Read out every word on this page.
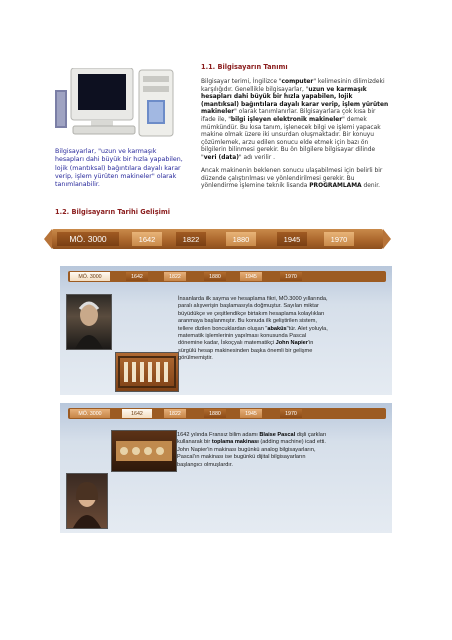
Bilgisayarlar, "uzun ve karmaşık hesapları dahi büyük bir hızla yapabilen, lojik (mantıksal) bağıntılara dayalı karar verip, işlem yürüten makineler" olarak tanımlanabilir.
1.1. Bilgisayarın Tanımı
Bilgisayar terimi, İngilizce "computer" kelimesinin dilimizdeki karşılığıdır. Genellikle bilgisayarlar, "uzun ve karmaşık hesapları dahi büyük bir hızla yapabilen, lojik (mantıksal) bağıntılara dayalı karar verip, işlem yürüten makineler" olarak tanımlanırlar. Bilgisayarlara çok kısa bir ifade ile, "bilgi işleyen elektronik makineler" demek mümkündür. Bu kısa tanım, işlenecek bilgi ve işlemi yapacak makine olmak üzere iki unsurdan oluşmaktadır. Bir konuyu çözümlemek, arzu edilen sonucu elde etmek için bazı ön bilgilerin bilinmesi gerekir. Bu ön bilgilere bilgisayar dilinde "veri (data)" adı verilir .
Ancak makinenin beklenen sonucu ulaşabilmesi için belirli bir düzende çalıştırılması ve yönlendirilmesi gerekir. Bu yönlendirme işlemine teknik lisanda PROGRAMLAMA denir.
1.2. Bilgisayarın Tarihi Gelişimi
MÖ. 3000	1642	1822	1880	1945	1970
MÖ. 3000	1642	1822	1880	1945	1970
İnsanlarda ilk sayma ve hesaplama fikri, MÖ.3000 yıllarında, paralı alışverişin başlamasıyla doğmuştur. Sayılan miktar büyüdükçe ve çeşitlendikçe birtakım hesaplama kolaylıkları aranmaya başlanmıştır. Bu konuda ilk geliştirilen sistem, tellere dizilen boncuklardan oluşan "abaküs"tür. Alet yoluyla, matematik işlemlerinin yapılması konusunda Pascal dönemine kadar, İskoçyalı matematikçi John Napier'in sürgülü hesap makinesinden başka önemli bir gelişme görülmemiştir.
MÖ. 3000	1642	1822	1880	1945	1970
1642 yılında Fransız bilim adamı Blaise Pascal dişli çarkları kullanarak bir toplama makinası (adding machine) icad etti. John Napier'in makinası bugünkü analog bilgisayarların, Pascal'ın makinası ise bugünkü dijital bilgisayarların başlangıcı olmuşlardır.
